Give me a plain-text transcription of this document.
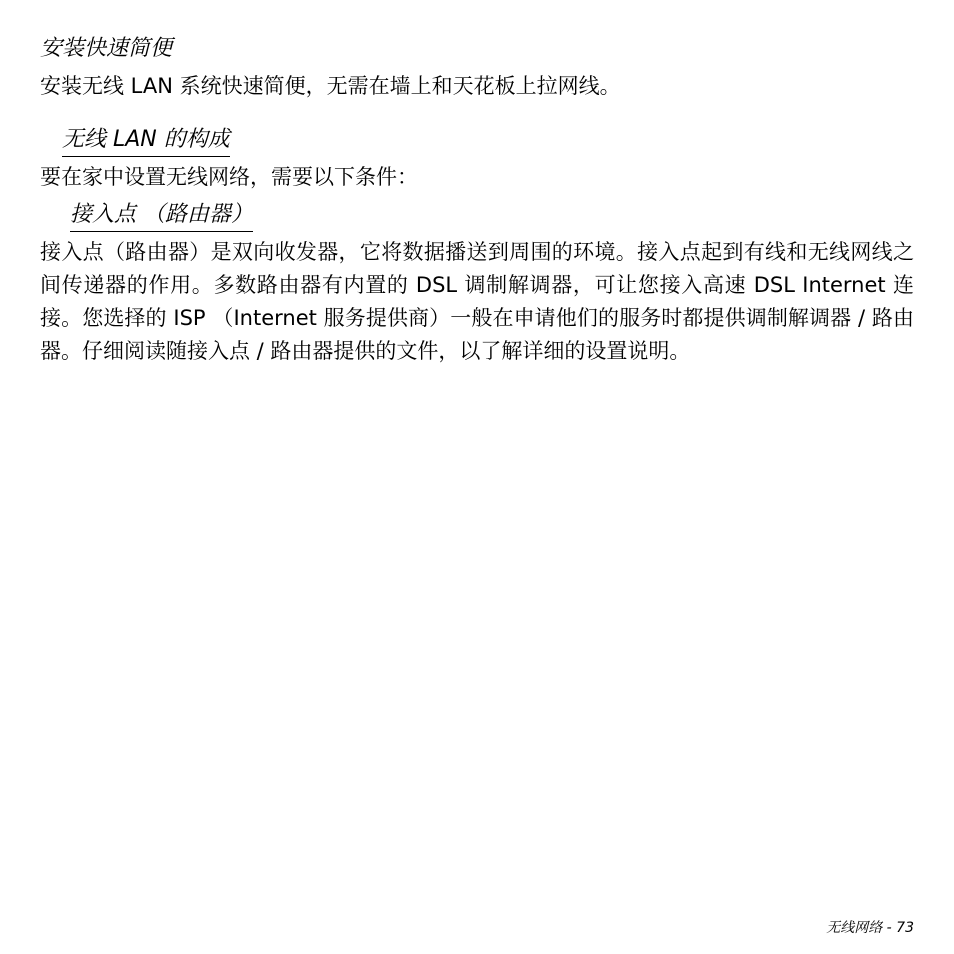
安装快速简便

安装无线 LAN 系统快速简便，无需在墙上和天花板上拉网线。

无线 LAN 的构成

要在家中设置无线网络，需要以下条件：

接入点 （路由器）

接入点（路由器）是双向收发器，它将数据播送到周围的环境。接入点起到有线和无线网线之间传递器的作用。多数路由器有内置的 DSL 调制解调器，可让您接入高速 DSL Internet 连接。您选择的 ISP （Internet 服务提供商）一般在申请他们的服务时都提供调制解调器 / 路由器。仔细阅读随接入点 / 路由器提供的文件，以了解详细的设置说明。

无线网络 - 73
